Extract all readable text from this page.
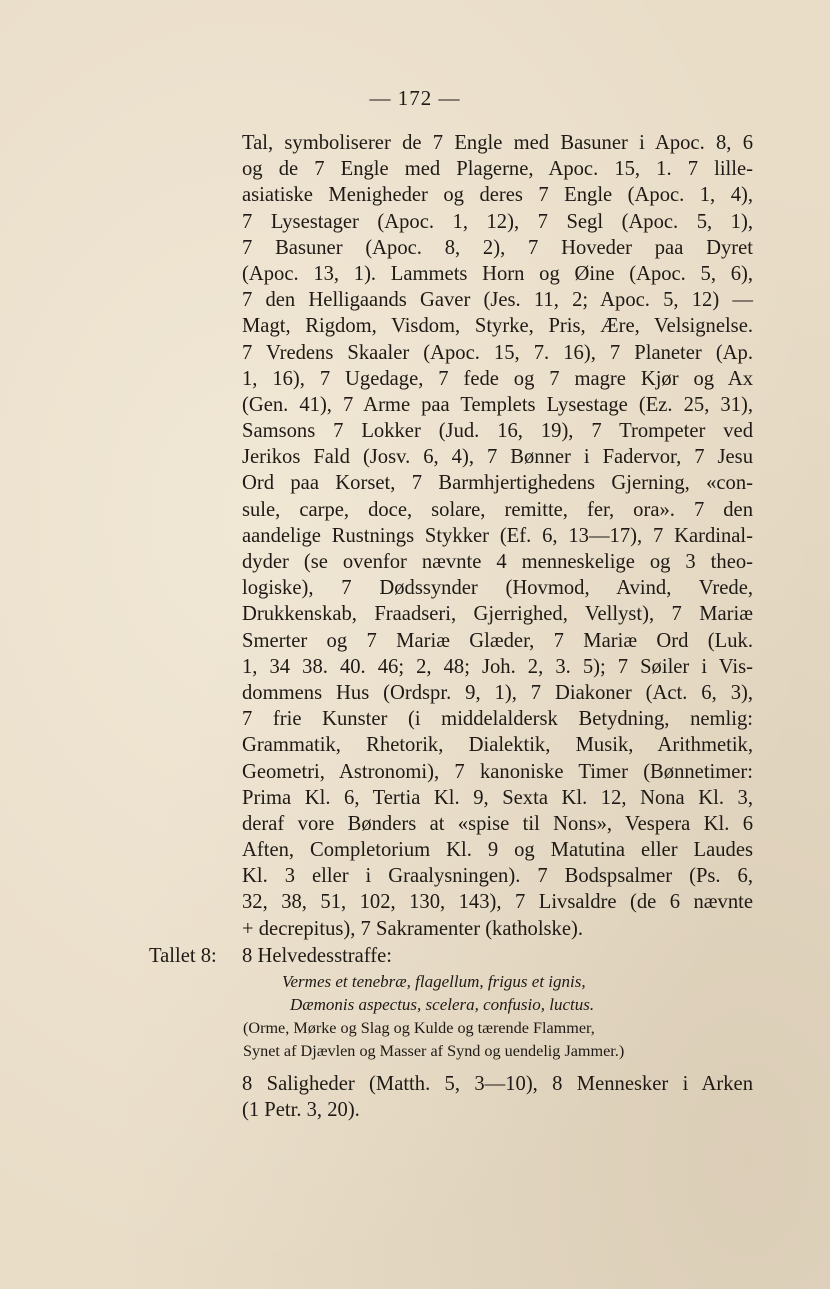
— 172 —
Tal, symboliserer de 7 Engle med Basuner i Apoc. 8, 6
og de 7 Engle med Plagerne, Apoc. 15, 1. 7 lille-
asiatiske Menigheder og deres 7 Engle (Apoc. 1, 4),
7 Lysestager (Apoc. 1, 12), 7 Segl (Apoc. 5, 1),
7 Basuner (Apoc. 8, 2), 7 Hoveder paa Dyret
(Apoc. 13, 1). Lammets Horn og Øine (Apoc. 5, 6),
7 den Helligaands Gaver (Jes. 11, 2; Apoc. 5, 12) —
Magt, Rigdom, Visdom, Styrke, Pris, Ære, Velsignelse.
7 Vredens Skaaler (Apoc. 15, 7. 16), 7 Planeter (Ap.
1, 16), 7 Ugedage, 7 fede og 7 magre Kjør og Ax
(Gen. 41), 7 Arme paa Templets Lysestage (Ez. 25, 31),
Samsons 7 Lokker (Jud. 16, 19), 7 Trompeter ved
Jerikos Fald (Josv. 6, 4), 7 Bønner i Fadervor, 7 Jesu
Ord paa Korset, 7 Barmhjertighedens Gjerning, «con-
sule, carpe, doce, solare, remitte, fer, ora». 7 den
aandelige Rustnings Stykker (Ef. 6, 13—17), 7 Kardinal-
dyder (se ovenfor nævnte 4 menneskelige og 3 theo-
logiske), 7 Dødssynder (Hovmod, Avind, Vrede,
Drukkenskab, Fraadseri, Gjerrighed, Vellyst), 7 Mariæ
Smerter og 7 Mariæ Glæder, 7 Mariæ Ord (Luk.
1, 34 38. 40. 46; 2, 48; Joh. 2, 3. 5); 7 Søiler i Vis-
dommens Hus (Ordspr. 9, 1), 7 Diakoner (Act. 6, 3),
7 frie Kunster (i middelaldersk Betydning, nemlig:
Grammatik, Rhetorik, Dialektik, Musik, Arithmetik,
Geometri, Astronomi), 7 kanoniske Timer (Bønnetimer:
Prima Kl. 6, Tertia Kl. 9, Sexta Kl. 12, Nona Kl. 3,
deraf vore Bønders at «spise til Nons», Vespera Kl. 6
Aften, Completorium Kl. 9 og Matutina eller Laudes
Kl. 3 eller i Graalysningen). 7 Bodspsalmer (Ps. 6,
32, 38, 51, 102, 130, 143), 7 Livsaldre (de 6 nævnte
+ decrepitus), 7 Sakramenter (katholske).
Tallet 8: 8 Helvedesstraffe:
Vermes et tenebræ, flagellum, frigus et ignis,
Dæmonis aspectus, scelera, confusio, luctus.
(Orme, Mørke og Slag og Kulde og tærende Flammer,
Synet af Djævlen og Masser af Synd og uendelig Jammer.)
8 Saligheder (Matth. 5, 3—10), 8 Mennesker i Arken
(1 Petr. 3, 20).
